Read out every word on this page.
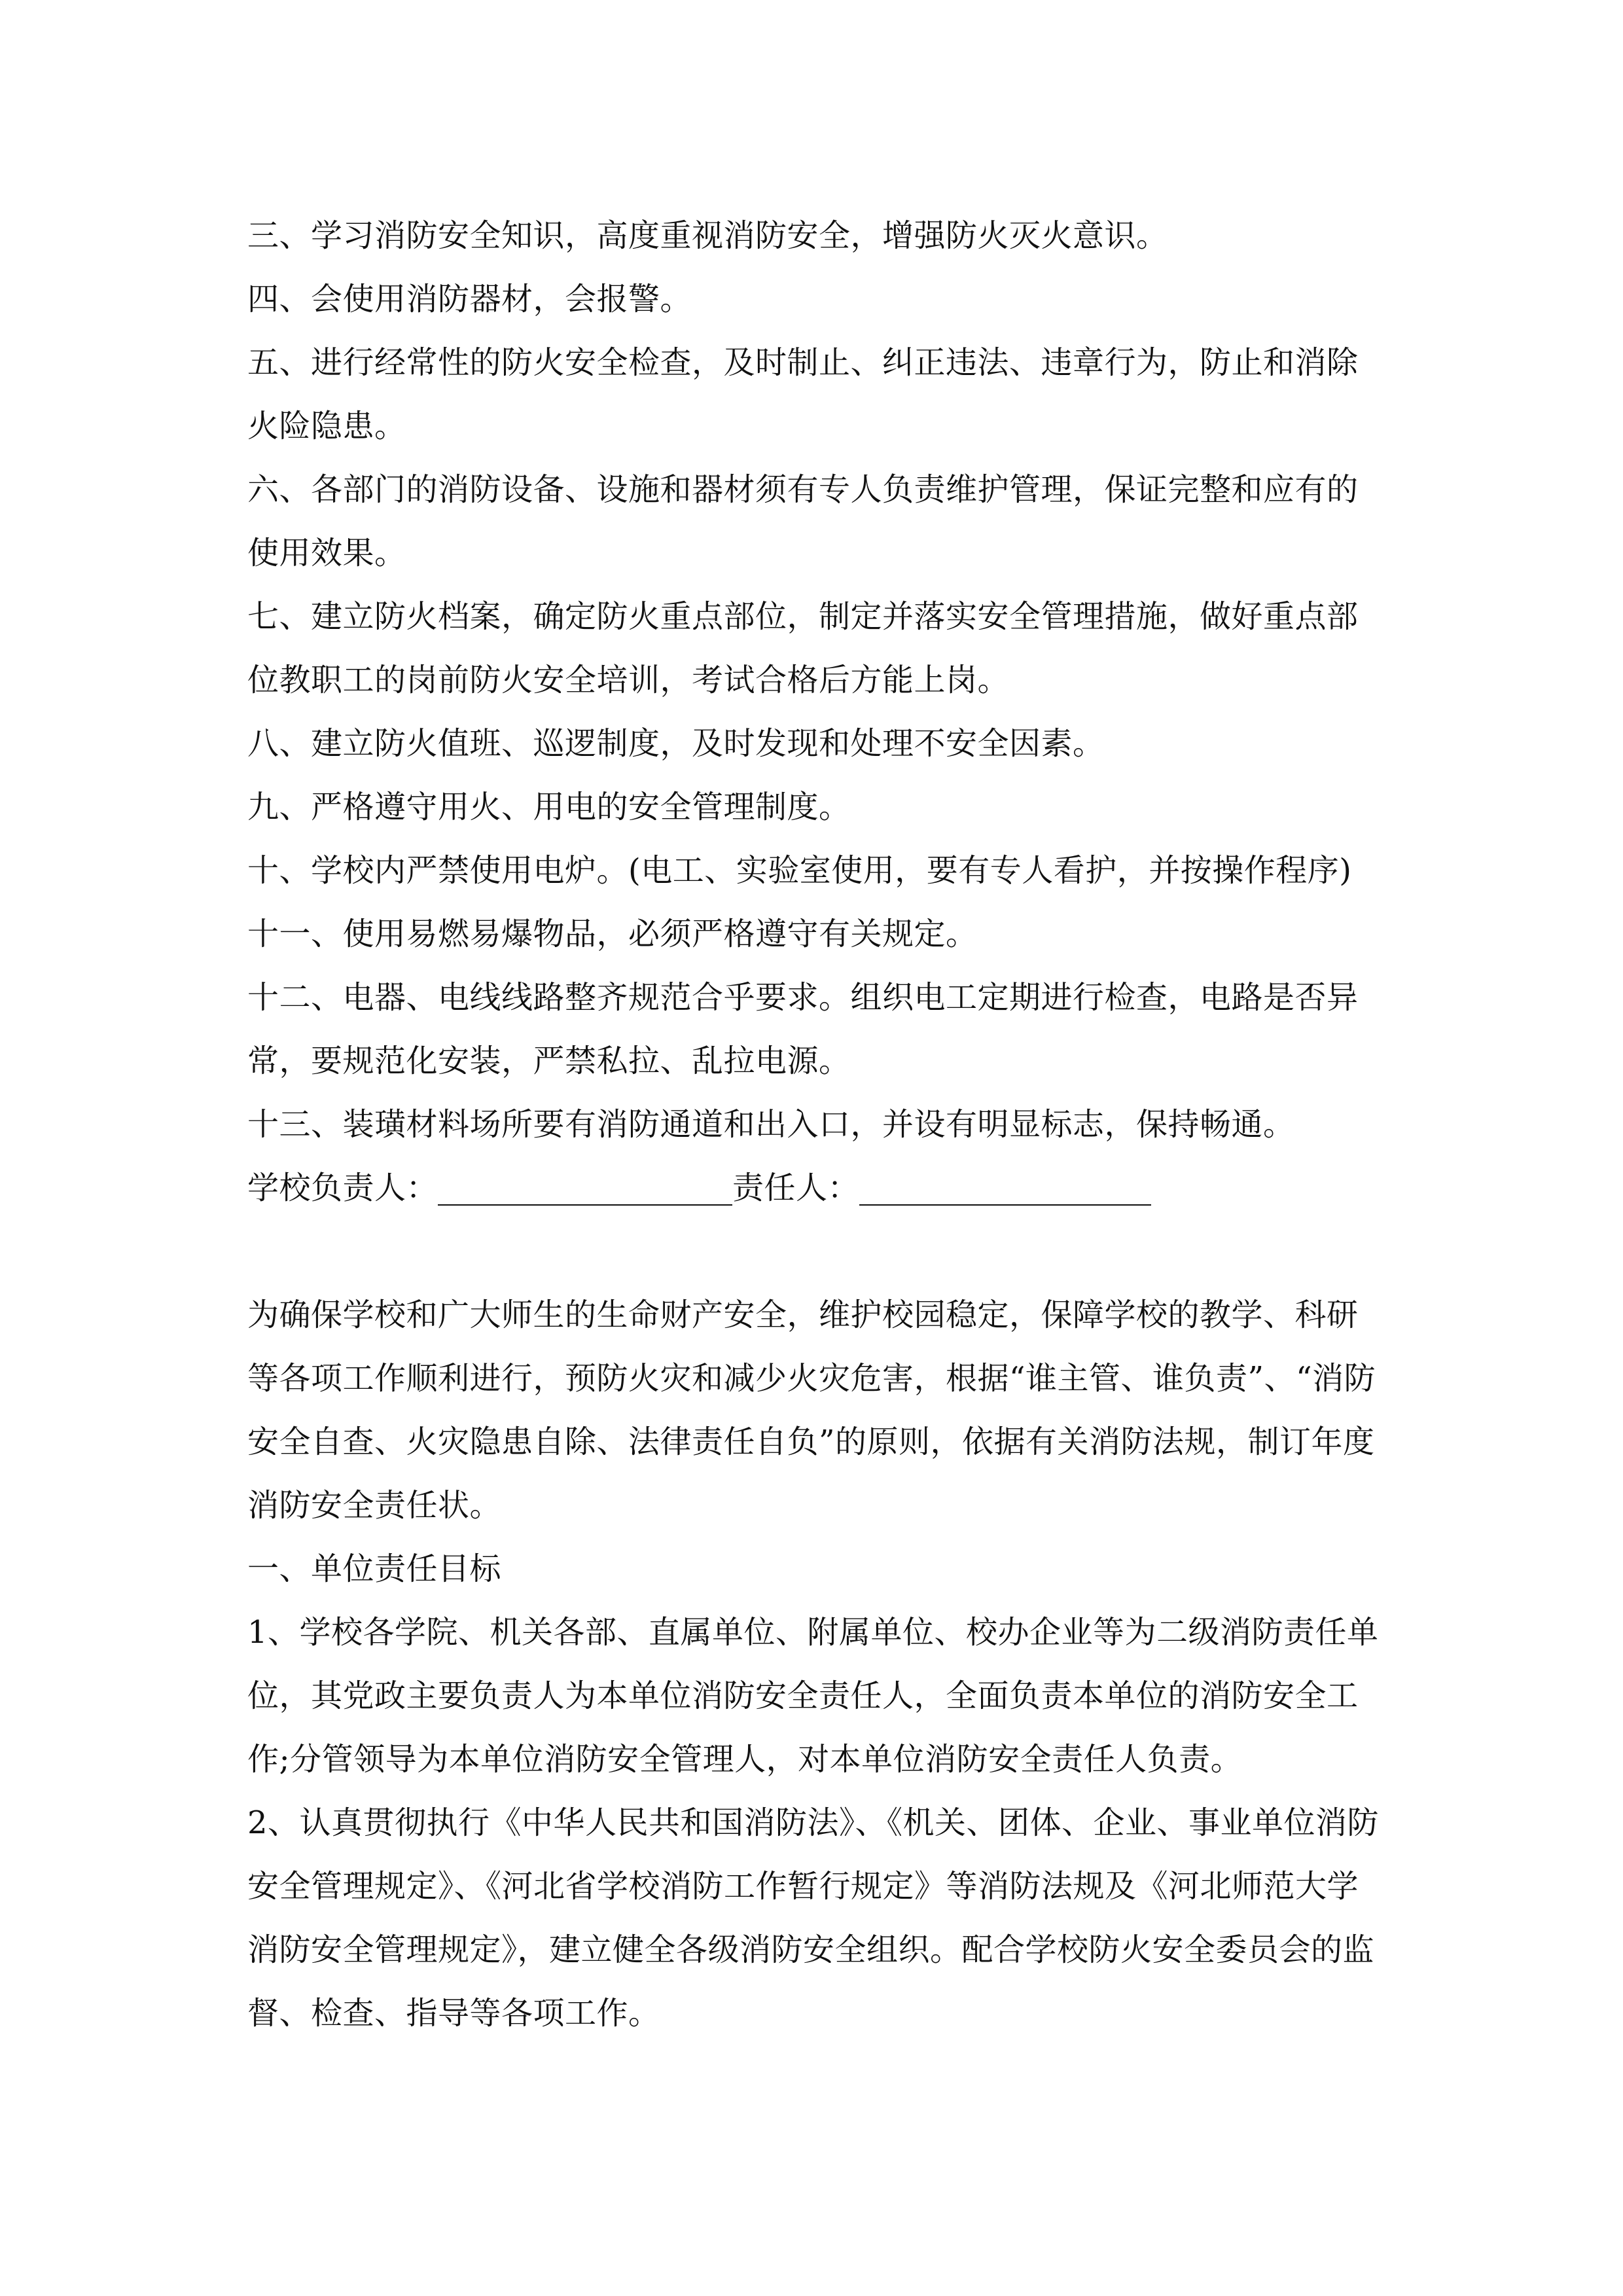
三、学习消防安全知识，高度重视消防安全，增强防火灭火意识。

四、会使用消防器材，会报警。

五、进行经常性的防火安全检查，及时制止、纠正违法、违章行为，防止和消除火险隐患。

六、各部门的消防设备、设施和器材须有专人负责维护管理，保证完整和应有的使用效果。

七、建立防火档案，确定防火重点部位，制定并落实安全管理措施，做好重点部位教职工的岗前防火安全培训，考试合格后方能上岗。

八、建立防火值班、巡逻制度，及时发现和处理不安全因素。

九、严格遵守用火、用电的安全管理制度。

十、学校内严禁使用电炉。(电工、实验室使用，要有专人看护，并按操作程序)

十一、使用易燃易爆物品，必须严格遵守有关规定。

十二、电器、电线线路整齐规范合乎要求。组织电工定期进行检查，电路是否异常，要规范化安装，严禁私拉、乱拉电源。

十三、装璜材料场所要有消防通道和出入口，并设有明显标志，保持畅通。

学校负责人：	责任人：

为确保学校和广大师生的生命财产安全，维护校园稳定，保障学校的教学、科研等各项工作顺利进行，预防火灾和减少火灾危害，根据“谁主管、谁负责”、“消防安全自查、火灾隐患自除、法律责任自负”的原则，依据有关消防法规，制订年度消防安全责任状。

一、单位责任目标

1、学校各学院、机关各部、直属单位、附属单位、校办企业等为二级消防责任单位，其党政主要负责人为本单位消防安全责任人，全面负责本单位的消防安全工作;分管领导为本单位消防安全管理人，对本单位消防安全责任人负责。

2、认真贯彻执行《中华人民共和国消防法》、《机关、团体、企业、事业单位消防安全管理规定》、《河北省学校消防工作暂行规定》等消防法规及《河北师范大学消防安全管理规定》，建立健全各级消防安全组织。配合学校防火安全委员会的监督、检查、指导等各项工作。
